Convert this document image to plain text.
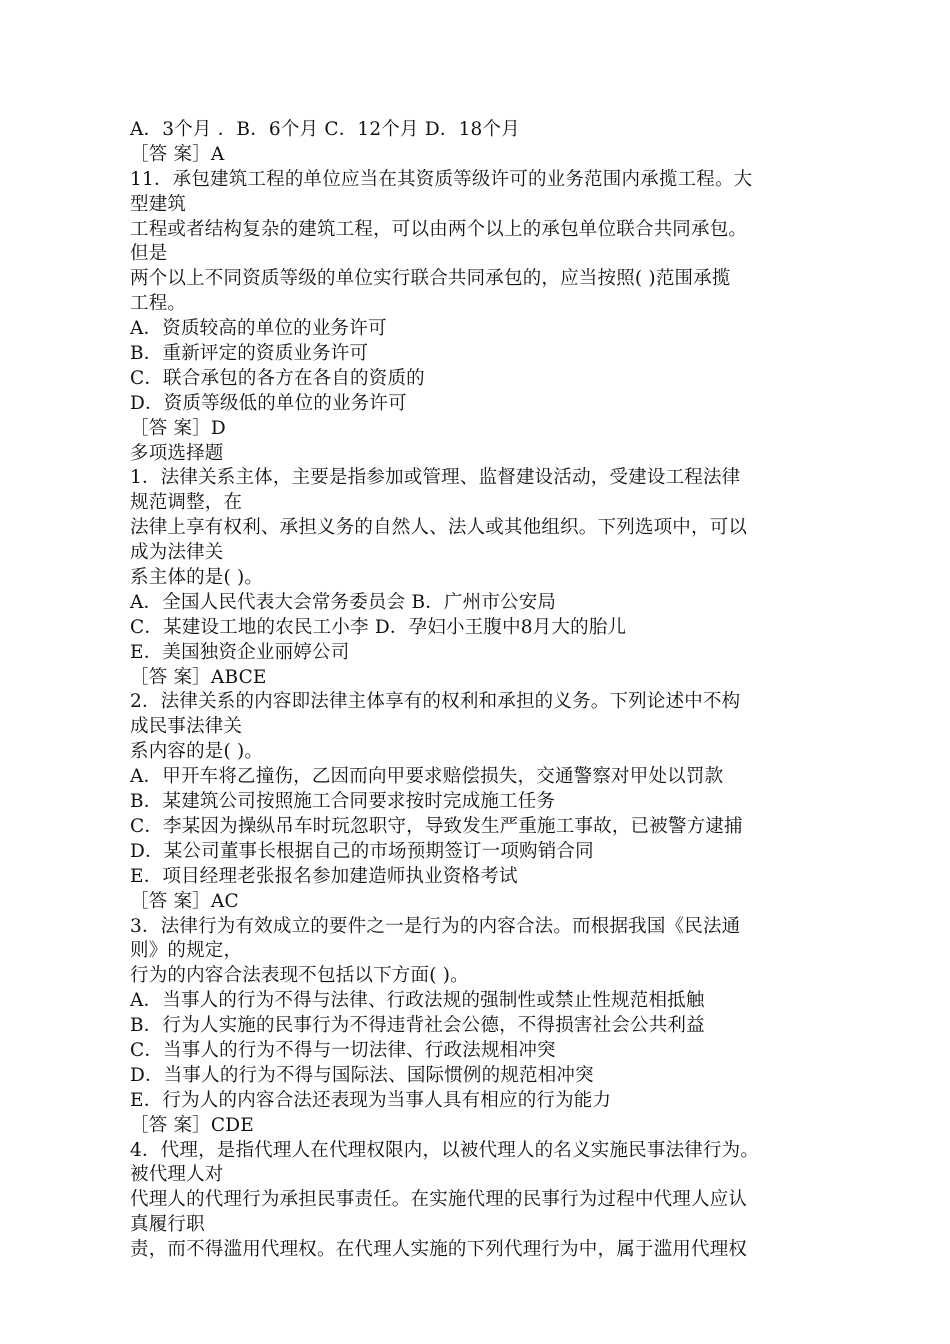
A．3个月 ．B．6个月 C．12个月 D．18个月
［答 案］A
11．承包建筑工程的单位应当在其资质等级许可的业务范围内承揽工程。大
型建筑
工程或者结构复杂的建筑工程，可以由两个以上的承包单位联合共同承包。
但是
两个以上不同资质等级的单位实行联合共同承包的，应当按照( )范围承揽
工程。
A．资质较高的单位的业务许可
B．重新评定的资质业务许可
C．联合承包的各方在各自的资质的
D．资质等级低的单位的业务许可
［答 案］D
多项选择题
1．法律关系主体，主要是指参加或管理、监督建设活动，受建设工程法律
规范调整，在
法律上享有权利、承担义务的自然人、法人或其他组织。下列选项中，可以
成为法律关
系主体的是( )。
A．全国人民代表大会常务委员会 B．广州市公安局
C．某建设工地的农民工小李 D．孕妇小王腹中8月大的胎儿
E．美国独资企业丽婷公司
［答 案］ABCE
2．法律关系的内容即法律主体享有的权利和承担的义务。下列论述中不构
成民事法律关
系内容的是( )。
A．甲开车将乙撞伤，乙因而向甲要求赔偿损失，交通警察对甲处以罚款
B．某建筑公司按照施工合同要求按时完成施工任务
C．李某因为操纵吊车时玩忽职守，导致发生严重施工事故，已被警方逮捕
D．某公司董事长根据自己的市场预期签订一项购销合同
E．项目经理老张报名参加建造师执业资格考试
［答 案］AC
3．法律行为有效成立的要件之一是行为的内容合法。而根据我国《民法通
则》的规定，
行为的内容合法表现不包括以下方面( )。
A．当事人的行为不得与法律、行政法规的强制性或禁止性规范相抵触
B．行为人实施的民事行为不得违背社会公德，不得损害社会公共利益
C．当事人的行为不得与一切法律、行政法规相冲突
D．当事人的行为不得与国际法、国际惯例的规范相冲突
E．行为人的内容合法还表现为当事人具有相应的行为能力
［答 案］CDE
4．代理，是指代理人在代理权限内，以被代理人的名义实施民事法律行为。
被代理人对
代理人的代理行为承担民事责任。在实施代理的民事行为过程中代理人应认
真履行职
责，而不得滥用代理权。在代理人实施的下列代理行为中，属于滥用代理权
